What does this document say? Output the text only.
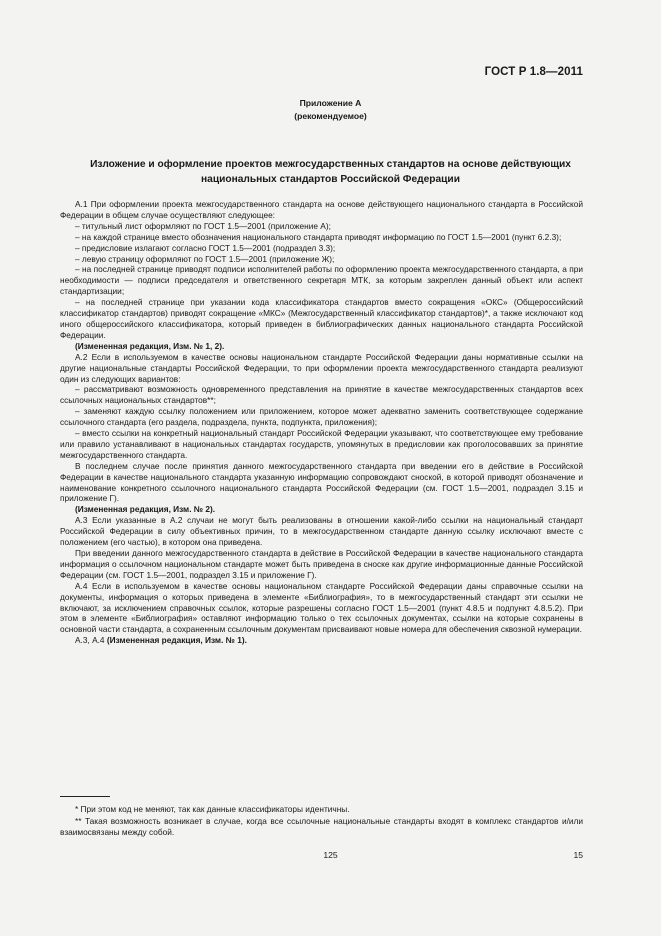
ГОСТ Р 1.8—2011
Приложение А
(рекомендуемое)
Изложение и оформление проектов межгосударственных стандартов на основе действующих национальных стандартов Российской Федерации

А.1 При оформлении проекта межгосударственного стандарта на основе действующего национального стандарта в Российской Федерации в общем случае осуществляют следующее:

– титульный лист оформляют по ГОСТ 1.5—2001 (приложение А);

– на каждой странице вместо обозначения национального стандарта приводят информацию по ГОСТ 1.5—2001 (пункт 6.2.3);

– предисловие излагают согласно ГОСТ 1.5—2001 (подраздел 3.3);

– левую страницу оформляют по ГОСТ 1.5—2001 (приложение Ж);

– на последней странице приводят подписи исполнителей работы по оформлению проекта межгосударственного стандарта, а при необходимости — подписи председателя и ответственного секретаря МТК, за которым закреплен данный объект или аспект стандартизации;

– на последней странице при указании кода классификатора стандартов вместо сокращения «ОКС» (Общероссийский классификатор стандартов) приводят сокращение «МКС» (Межгосударственный классификатор стандартов)*, а также исключают код иного общероссийского классификатора, который приведен в библиографических данных национального стандарта Российской Федерации.

(Измененная редакция, Изм. № 1, 2).

А.2 Если в используемом в качестве основы национальном стандарте Российской Федерации даны нормативные ссылки на другие национальные стандарты Российской Федерации, то при оформлении проекта межгосударственного стандарта реализуют один из следующих вариантов:

– рассматривают возможность одновременного представления на принятие в качестве межгосударственных стандартов всех ссылочных национальных стандартов**;

– заменяют каждую ссылку положением или приложением, которое может адекватно заменить соответствующее содержание ссылочного стандарта (его раздела, подраздела, пункта, подпункта, приложения);

– вместо ссылки на конкретный национальный стандарт Российской Федерации указывают, что соответствующее ему требование или правило устанавливают в национальных стандартах государств, упомянутых в предисловии как проголосовавших за принятие межгосударственного стандарта.

В последнем случае после принятия данного межгосударственного стандарта при введении его в действие в Российской Федерации в качестве национального стандарта указанную информацию сопровождают сноской, в которой приводят обозначение и наименование конкретного ссылочного национального стандарта Российской Федерации (см. ГОСТ 1.5—2001, подраздел 3.15 и приложение Г).

(Измененная редакция, Изм. № 2).

А.3 Если указанные в А.2 случаи не могут быть реализованы в отношении какой-либо ссылки на национальный стандарт Российской Федерации в силу объективных причин, то в межгосударственном стандарте данную ссылку исключают вместе с положением (его частью), в котором она приведена.

При введении данного межгосударственного стандарта в действие в Российской Федерации в качестве национального стандарта информация о ссылочном национальном стандарте может быть приведена в сноске как другие информационные данные Российской Федерации (см. ГОСТ 1.5—2001, подраздел 3.15 и приложение Г).

А.4 Если в используемом в качестве основы национальном стандарте Российской Федерации даны справочные ссылки на документы, информация о которых приведена в элементе «Библиография», то в межгосударственный стандарт эти ссылки не включают, за исключением справочных ссылок, которые разрешены согласно ГОСТ 1.5—2001 (пункт 4.8.5 и подпункт 4.8.5.2). При этом в элементе «Библиография» оставляют информацию только о тех ссылочных документах, ссылки на которые сохранены в основной части стандарта, а сохраненным ссылочным документам присваивают новые номера для обеспечения сквозной нумерации.

А.3, А.4 (Измененная редакция, Изм. № 1).

* При этом код не меняют, так как данные классификаторы идентичны.

** Такая возможность возникает в случае, когда все ссылочные национальные стандарты входят в комплекс стандартов и/или взаимосвязаны между собой.

125	15
